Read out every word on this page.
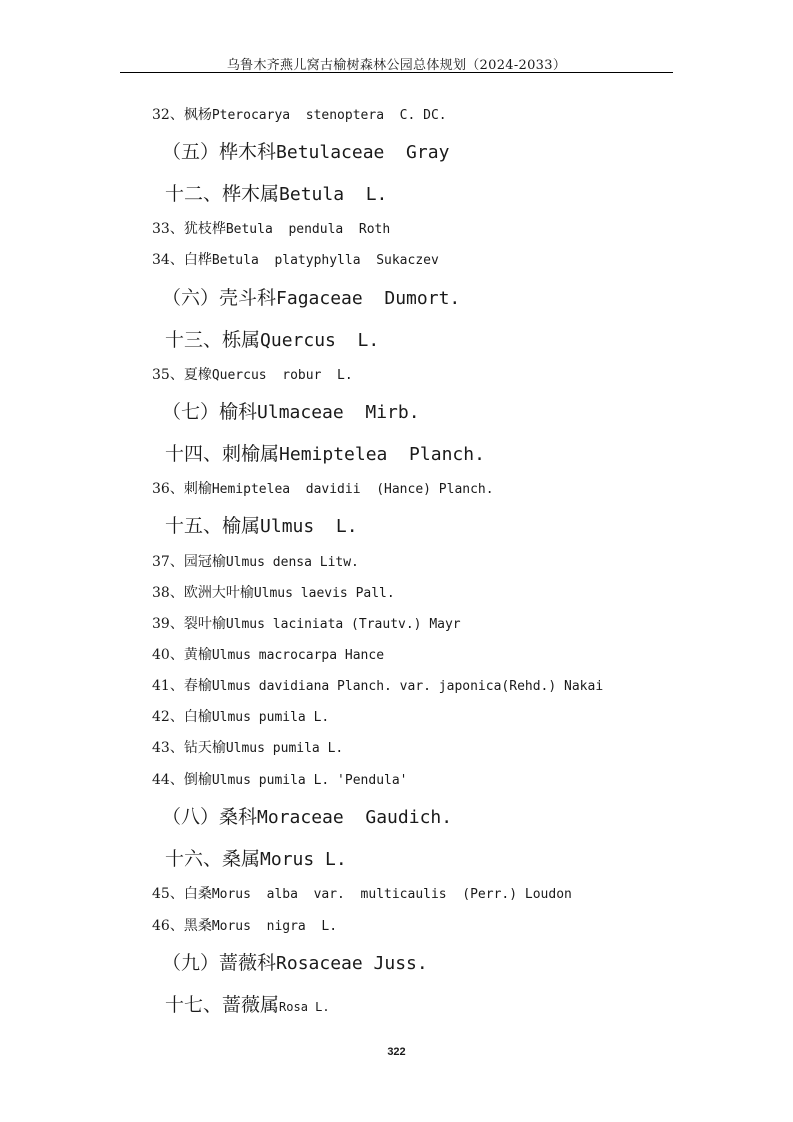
乌鲁木齐燕儿窝古榆树森林公园总体规划（2024-2033）
32、枫杨Pterocarya  stenoptera  C. DC.
（五）桦木科Betulaceae  Gray
十二、桦木属Betula  L.
33、犹枝桦Betula  pendula  Roth
34、白桦Betula  platyphylla  Sukaczev
（六）壳斗科Fagaceae  Dumort.
十三、栎属Quercus  L.
35、夏橡Quercus  robur  L.
（七）榆科Ulmaceae  Mirb.
十四、刺榆属Hemiptelea  Planch.
36、刺榆Hemiptelea  davidii  (Hance) Planch.
十五、榆属Ulmus  L.
37、园冠榆Ulmus densa Litw.
38、欧洲大叶榆Ulmus laevis Pall.
39、裂叶榆Ulmus laciniata (Trautv.) Mayr
40、黄榆Ulmus macrocarpa Hance
41、春榆Ulmus davidiana Planch. var. japonica(Rehd.) Nakai
42、白榆Ulmus pumila L.
43、钻天榆Ulmus pumila L.
44、倒榆Ulmus pumila L. 'Pendula'
（八）桑科Moraceae  Gaudich.
十六、桑属Morus L.
45、白桑Morus  alba  var.  multicaulis  (Perr.) Loudon
46、黑桑Morus  nigra  L.
（九）蔷薇科Rosaceae Juss.
十七、蔷薇属Rosa L.
322
